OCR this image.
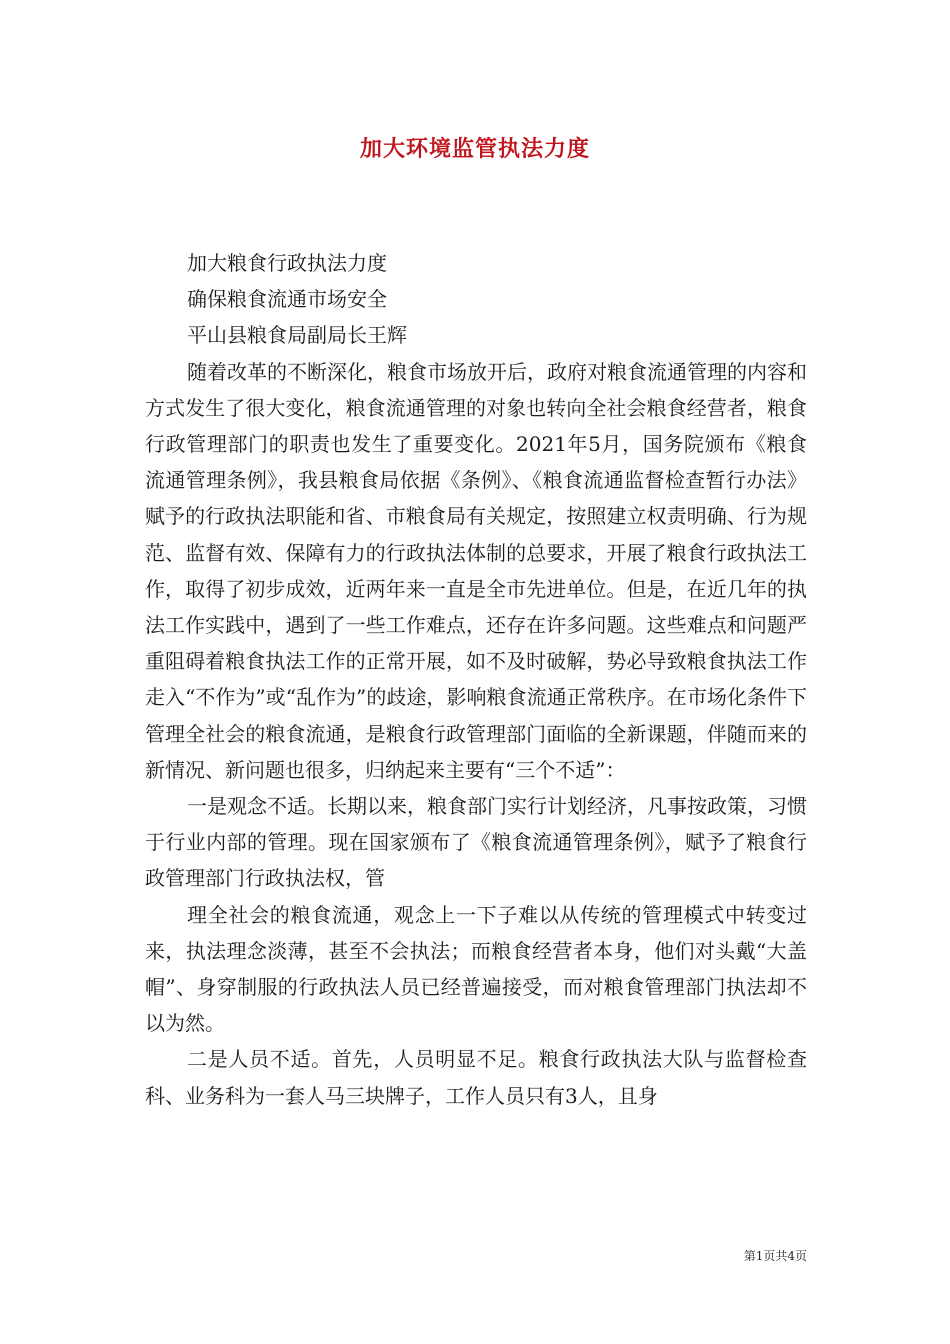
加大环境监管执法力度

加大粮食行政执法力度

确保粮食流通市场安全

平山县粮食局副局长王辉

随着改革的不断深化，粮食市场放开后，政府对粮食流通管理的内容和方式发生了很大变化，粮食流通管理的对象也转向全社会粮食经营者，粮食行政管理部门的职责也发生了重要变化。2021年5月，国务院颁布《粮食流通管理条例》，我县粮食局依据《条例》、《粮食流通监督检查暂行办法》赋予的行政执法职能和省、市粮食局有关规定，按照建立权责明确、行为规范、监督有效、保障有力的行政执法体制的总要求，开展了粮食行政执法工作，取得了初步成效，近两年来一直是全市先进单位。但是，在近几年的执法工作实践中，遇到了一些工作难点，还存在许多问题。这些难点和问题严重阻碍着粮食执法工作的正常开展，如不及时破解，势必导致粮食执法工作走入“不作为”或“乱作为”的歧途，影响粮食流通正常秩序。在市场化条件下管理全社会的粮食流通，是粮食行政管理部门面临的全新课题，伴随而来的新情况、新问题也很多，归纳起来主要有“三个不适”：

一是观念不适。长期以来，粮食部门实行计划经济，凡事按政策，习惯于行业内部的管理。现在国家颁布了《粮食流通管理条例》，赋予了粮食行政管理部门行政执法权，管

理全社会的粮食流通，观念上一下子难以从传统的管理模式中转变过来，执法理念淡薄，甚至不会执法；而粮食经营者本身，他们对头戴“大盖帽”、身穿制服的行政执法人员已经普遍接受，而对粮食管理部门执法却不以为然。

二是人员不适。首先，人员明显不足。粮食行政执法大队与监督检查科、业务科为一套人马三块牌子，工作人员只有3人，且身

第1页共4页
